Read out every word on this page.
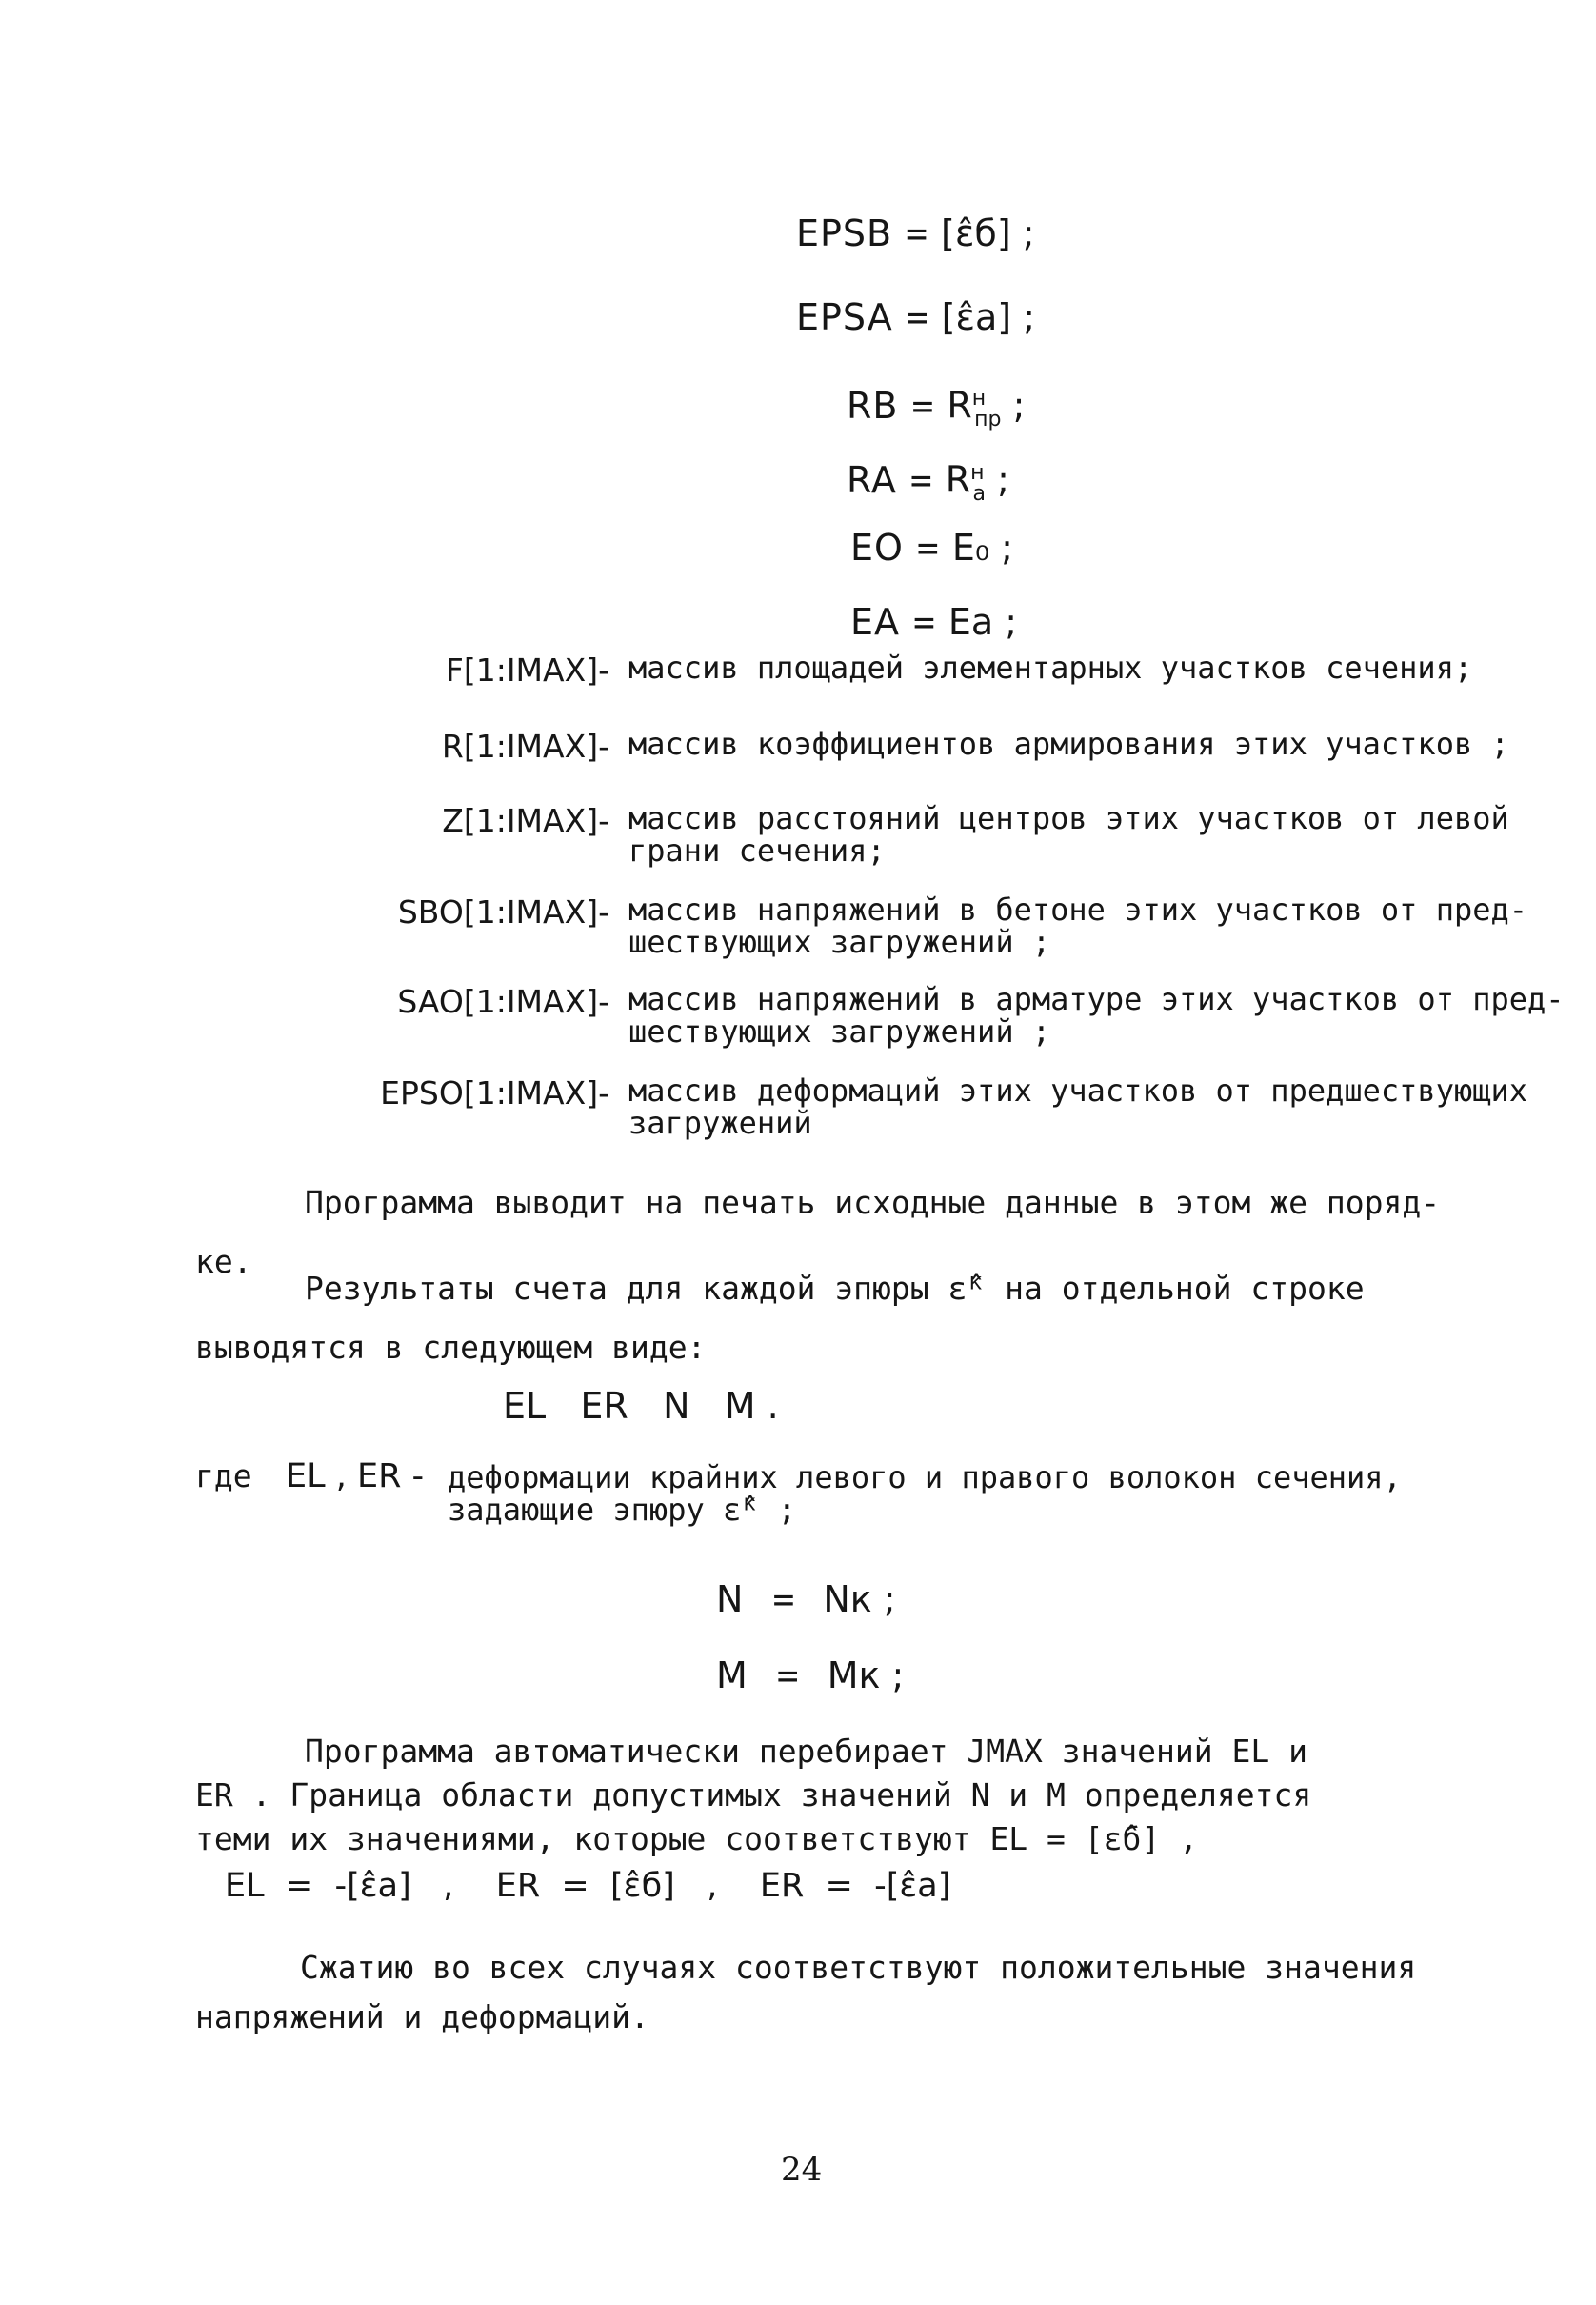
EPSB = [ε̂б] ;
EPSA = [ε̂а] ;
RB = $R^н_{пр}$ ;
RA = $R^н_а$ ;
EO = E₀ ;
EA = Eа ;
F[1:IMAX]- массив площадей элементарных участков сечения;
R[1:IMAX]- массив коэффициентов армирования этих участков ;
Z[1:IMAX]- массив расстояний центров этих участков от левой
грани сечения;
SBO[1:IMAX]- массив напряжений в бетоне этих участков от пред-
шествующих загружений ;
SAO[1:IMAX]- массив напряжений в арматуре этих участков от пред-
шествующих загружений ;
EPSO[1:IMAX]- массив деформаций этих участков от предшествующих
загружений
Программа выводит на печать исходные данные в этом же поряд-
ке.
Результаты счета для каждой эпюры ε̂ᴷ на отдельной строке
выводятся в следующем виде:
EL   ER   N   M .
где EL , ER - деформации крайних левого и правого волокон сечения,
задающие эпюру ε̂ᴷ ;
N = Nк ;
M = Mк ;
Программа автоматически перебирает JMAX значений EL и
ER . Граница области допустимых значений N и M определяется
теми их значениями, которые соответствуют EL = [ε̂б] ,
EL  =  -[ε̂а]   ,    ER  =  [ε̂б]   ,    ER  =  -[ε̂а]
Сжатию во всех случаях соответствуют положительные значения
напряжений и деформаций.
24
